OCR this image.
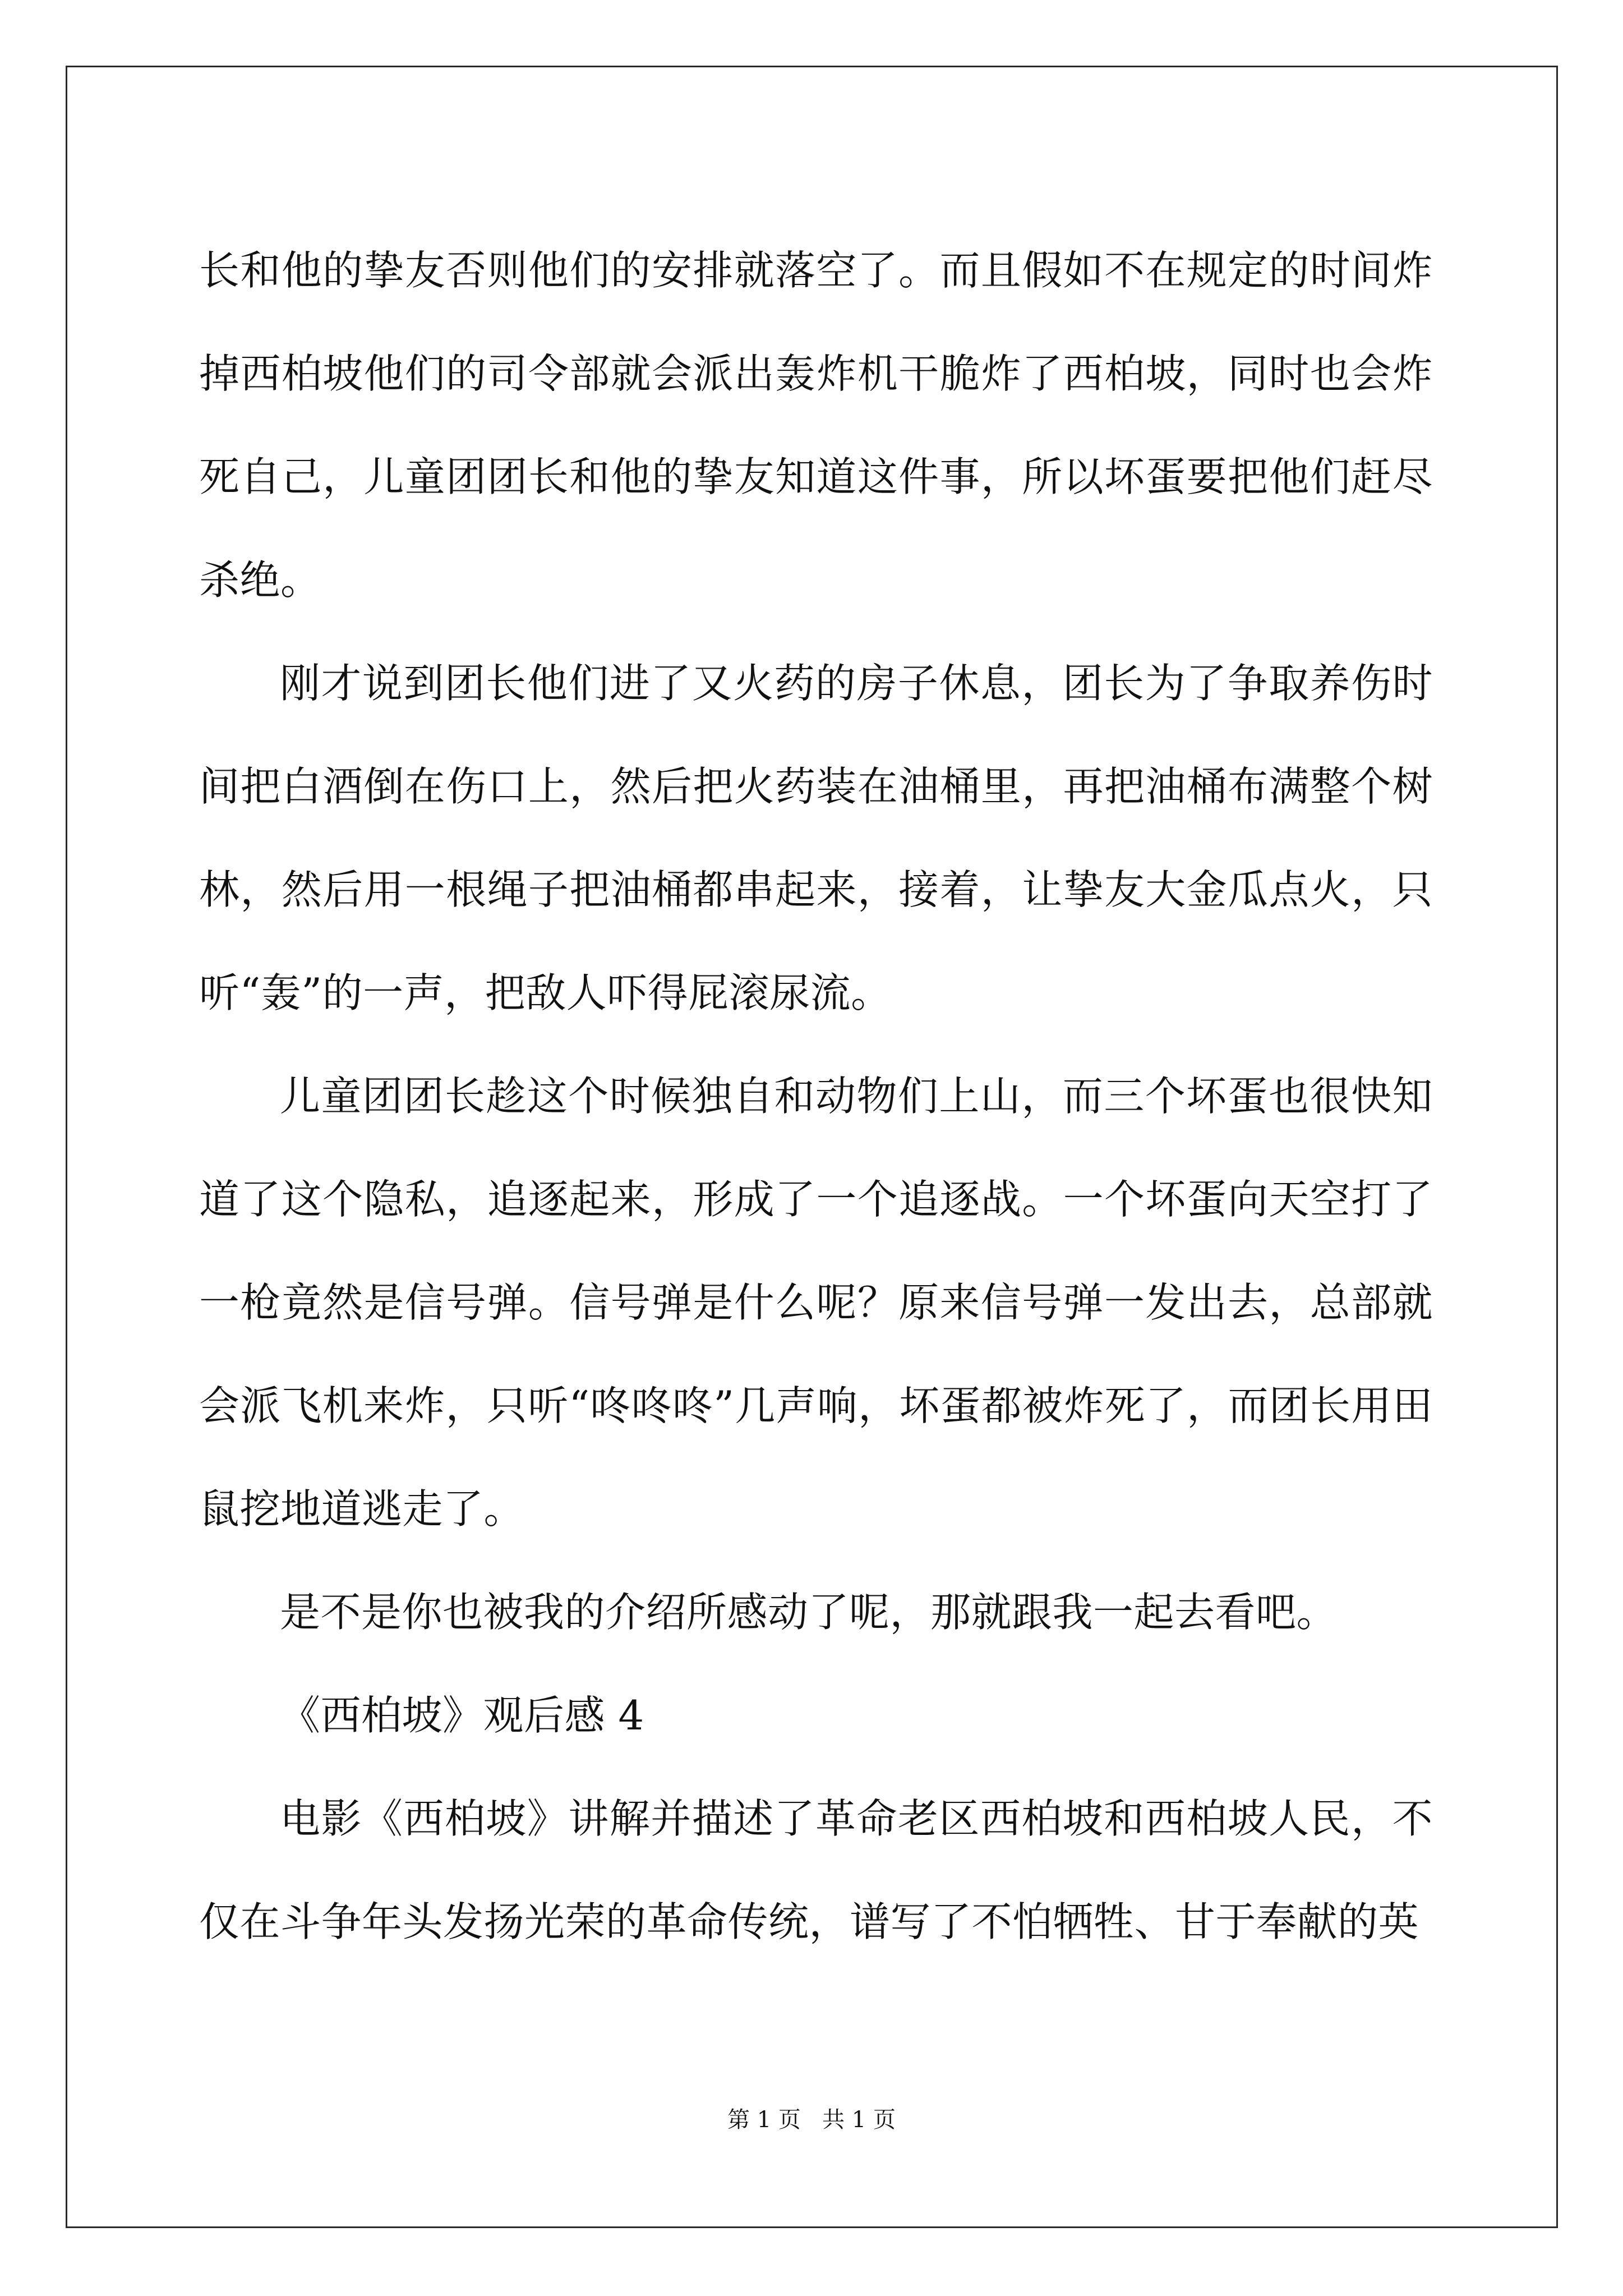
长和他的挚友否则他们的安排就落空了。而且假如不在规定的时间炸掉西柏坡他们的司令部就会派出轰炸机干脆炸了西柏坡，同时也会炸死自己，儿童团团长和他的挚友知道这件事，所以坏蛋要把他们赶尽杀绝。

刚才说到团长他们进了又火药的房子休息，团长为了争取养伤时间把白酒倒在伤口上，然后把火药装在油桶里，再把油桶布满整个树林，然后用一根绳子把油桶都串起来，接着，让挚友大金瓜点火，只听“轰”的一声，把敌人吓得屁滚尿流。

儿童团团长趁这个时候独自和动物们上山，而三个坏蛋也很快知道了这个隐私，追逐起来，形成了一个追逐战。一个坏蛋向天空打了一枪竟然是信号弹。信号弹是什么呢？原来信号弹一发出去，总部就会派飞机来炸，只听“咚咚咚”几声响，坏蛋都被炸死了，而团长用田鼠挖地道逃走了。

是不是你也被我的介绍所感动了呢，那就跟我一起去看吧。

《西柏坡》观后感 4

电影《西柏坡》讲解并描述了革命老区西柏坡和西柏坡人民，不仅在斗争年头发扬光荣的革命传统，谱写了不怕牺牲、甘于奉献的英

第 1 页   共 1 页
